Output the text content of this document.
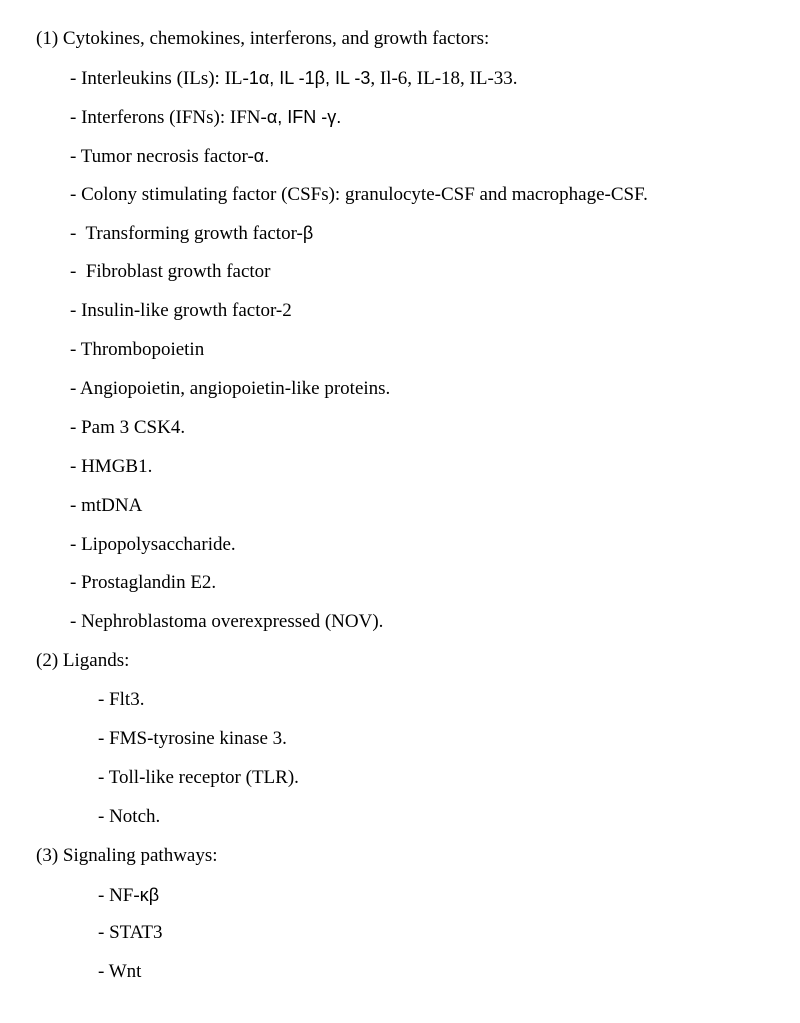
(1) Cytokines, chemokines, interferons, and growth factors:
- Interleukins (ILs): IL-1α, IL -1β, IL -3, Il-6, IL-18, IL-33.
- Interferons (IFNs): IFN-α, IFN -γ.
- Tumor necrosis factor-α.
- Colony stimulating factor (CSFs): granulocyte-CSF and macrophage-CSF.
-  Transforming growth factor-β
-  Fibroblast growth factor
- Insulin-like growth factor-2
- Thrombopoietin
- Angiopoietin, angiopoietin-like proteins.
- Pam 3 CSK4.
- HMGB1.
- mtDNA
- Lipopolysaccharide.
- Prostaglandin E2.
- Nephroblastoma overexpressed (NOV).
(2) Ligands:
- Flt3.
- FMS-tyrosine kinase 3.
- Toll-like receptor (TLR).
- Notch.
(3) Signaling pathways:
- NF-κβ
- STAT3
- Wnt
